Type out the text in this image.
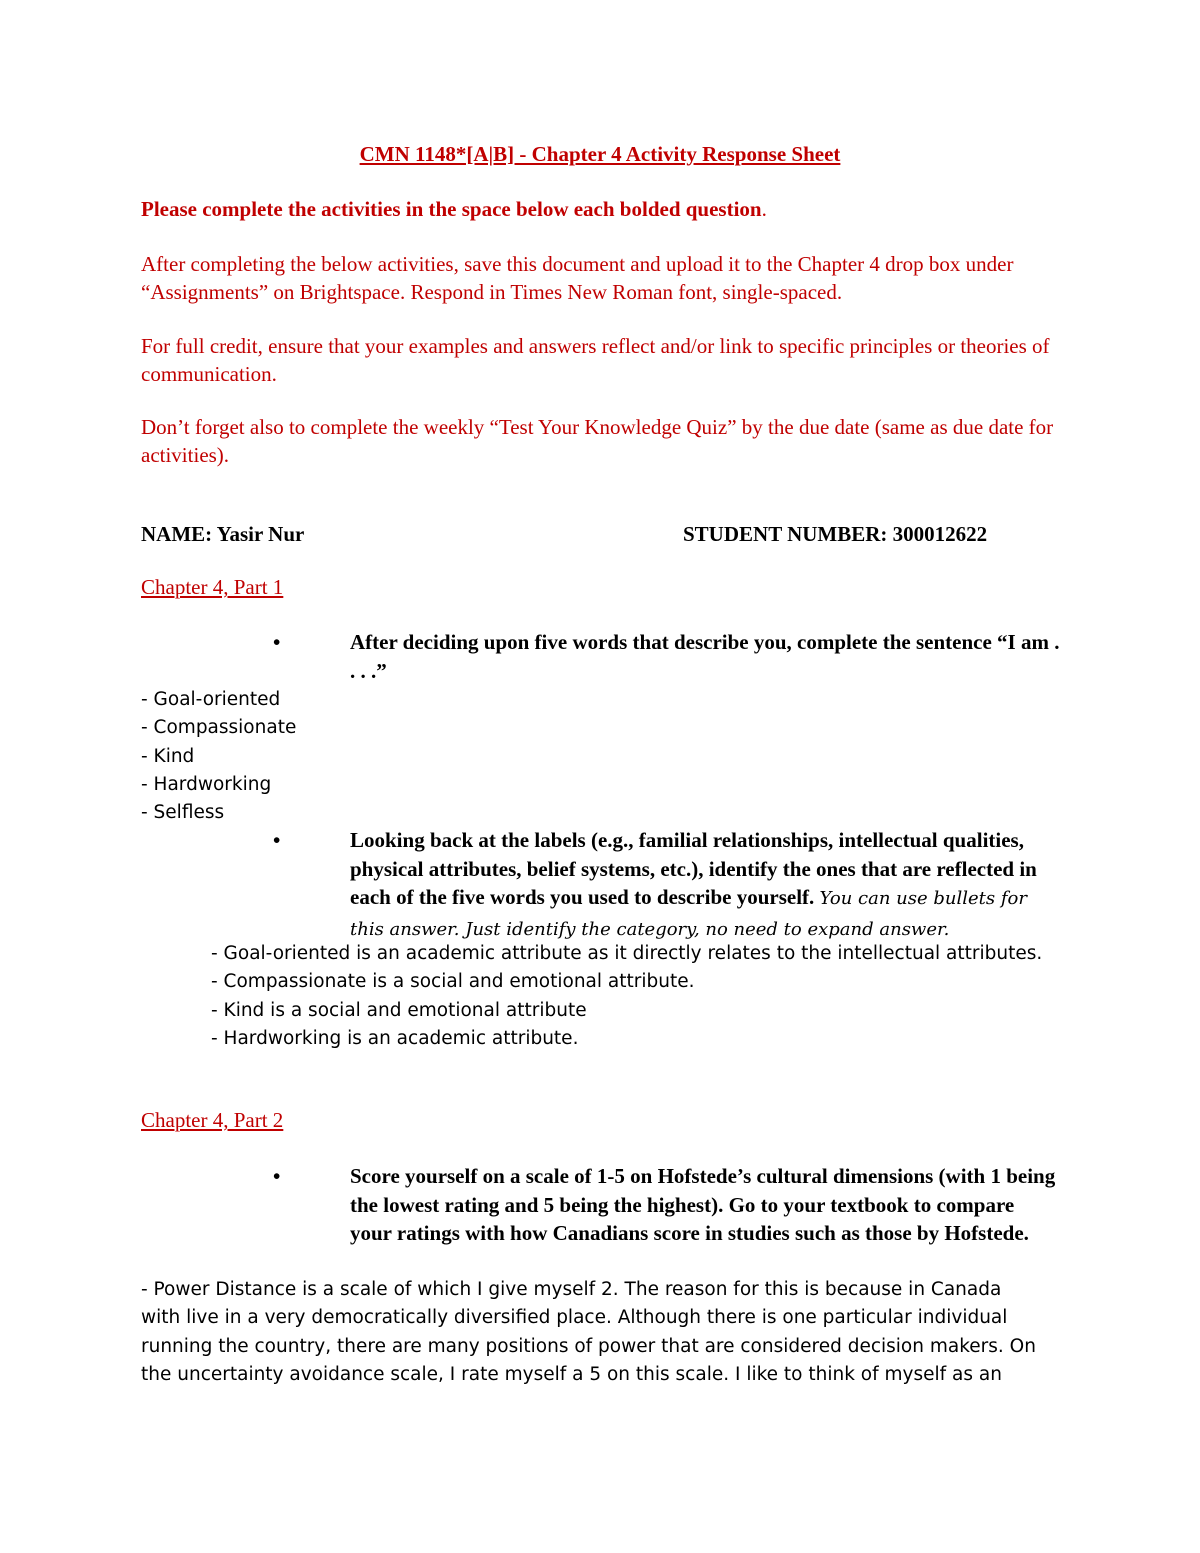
CMN 1148*[A|B] - Chapter 4 Activity Response Sheet
Please complete the activities in the space below each bolded question.
After completing the below activities, save this document and upload it to the Chapter 4 drop box under “Assignments” on Brightspace. Respond in Times New Roman font, single-spaced.
For full credit, ensure that your examples and answers reflect and/or link to specific principles or theories of communication.
Don’t forget also to complete the weekly “Test Your Knowledge Quiz” by the due date (same as due date for activities).
NAME: Yasir Nur	STUDENT NUMBER: 300012622
Chapter 4, Part 1
•	After deciding upon five words that describe you, complete the sentence “I am . . . .”
- Goal-oriented
- Compassionate
- Kind
- Hardworking
- Selfless
•	Looking back at the labels (e.g., familial relationships, intellectual qualities, physical attributes, belief systems, etc.), identify the ones that are reflected in each of the five words you used to describe yourself. You can use bullets for this answer. Just identify the category, no need to expand answer.
- Goal-oriented is an academic attribute as it directly relates to the intellectual attributes.
- Compassionate is a social and emotional attribute.
- Kind is a social and emotional attribute
- Hardworking is an academic attribute.
Chapter 4, Part 2
•	Score yourself on a scale of 1-5 on Hofstede’s cultural dimensions (with 1 being the lowest rating and 5 being the highest). Go to your textbook to compare your ratings with how Canadians score in studies such as those by Hofstede.
- Power Distance is a scale of which I give myself 2. The reason for this is because in Canada
with live in a very democratically diversified place. Although there is one particular individual
running the country, there are many positions of power that are considered decision makers. On
the uncertainty avoidance scale, I rate myself a 5 on this scale. I like to think of myself as an
